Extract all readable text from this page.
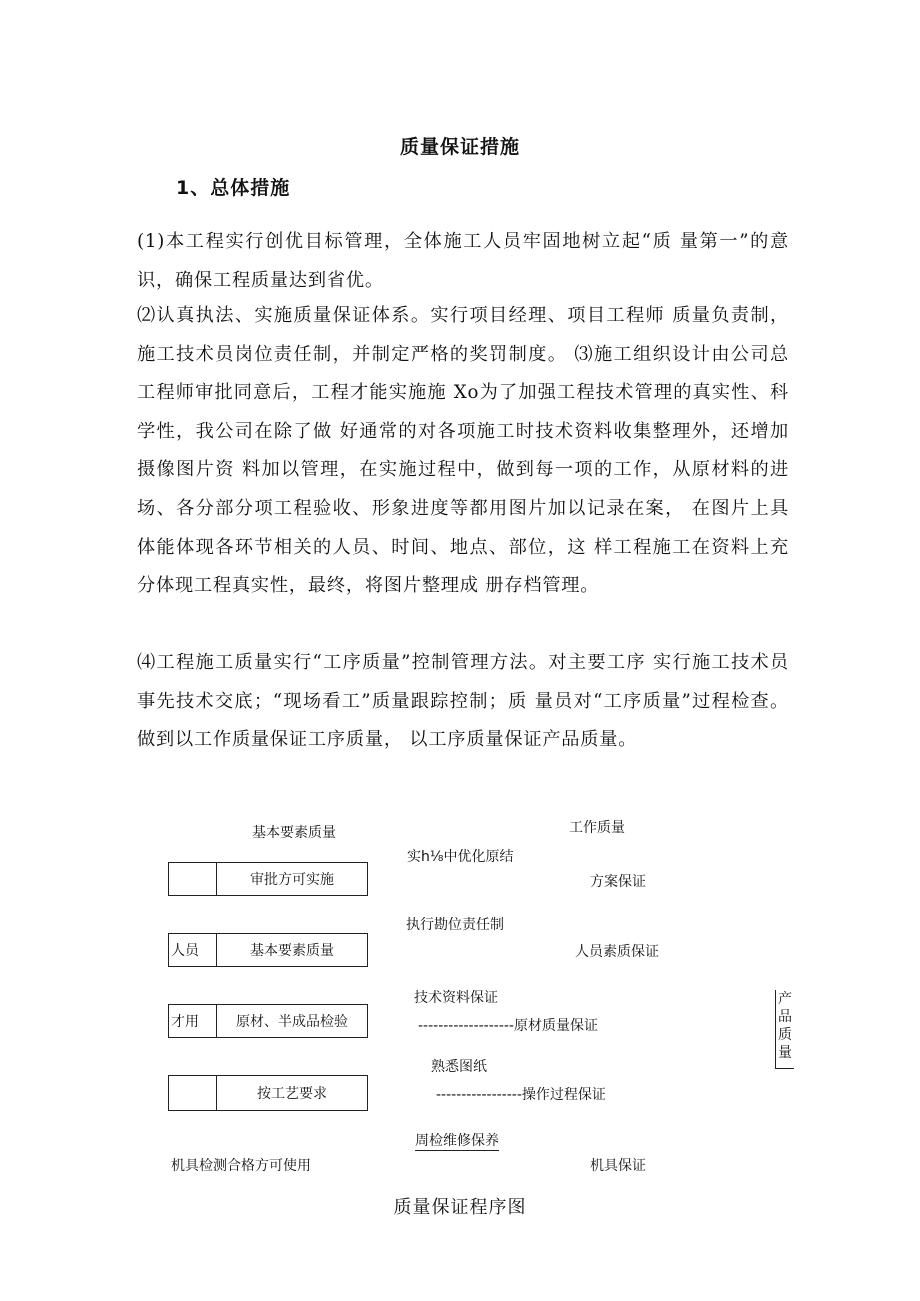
质量保证措施
1、总体措施
(1)本工程实行创优目标管理，全体施工人员牢固地树立起“质 量第一”的意识，确保工程质量达到省优。
⑵认真执法、实施质量保证体系。实行项目经理、项目工程师 质量负责制，施工技术员岗位责任制，并制定严格的奖罚制度。 ⑶施工组织设计由公司总工程师审批同意后，工程才能实施施 Xo为了加强工程技术管理的真实性、科学性，我公司在除了做 好通常的对各项施工时技术资料收集整理外，还增加摄像图片资 料加以管理，在实施过程中，做到每一项的工作，从原材料的进 场、各分部分项工程验收、形象进度等都用图片加以记录在案， 在图片上具体能体现各环节相关的人员、时间、地点、部位，这 样工程施工在资料上充分体现工程真实性，最终，将图片整理成 册存档管理。
⑷工程施工质量实行“工序质量”控制管理方法。对主要工序 实行施工技术员事先技术交底；“现场看工”质量跟踪控制；质 量员对“工序质量”过程检查。做到以工作质量保证工序质量， 以工序质量保证产品质量。
基本要素质量	工作质量
实h⅛中优化原结
审批方可实施	方案保证
执行勘位责任制
人员	基本要素质量	人员素质保证
技术资料保证
才用	原材、半成品检验	-------------------原材质量保证
熟悉图纸
按工艺要求	-----------------操作过程保证
周检维修保养
机具检测合格方可使用	机具保证
产
品
质
量
质量保证程序图
